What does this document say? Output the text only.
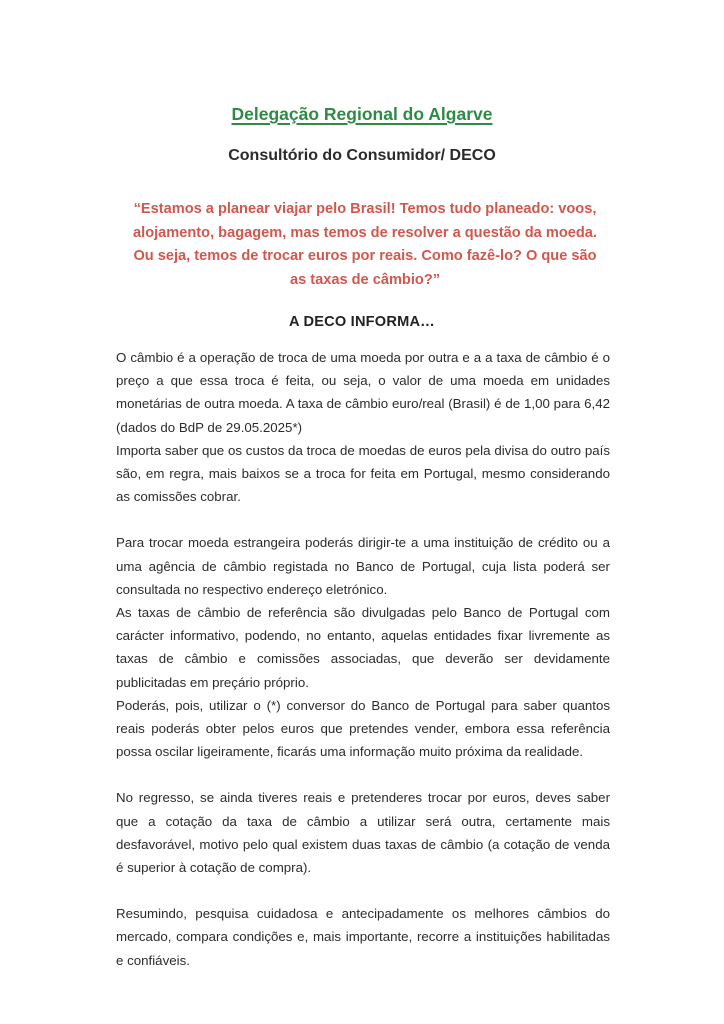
Delegação Regional do Algarve
Consultório do Consumidor/ DECO
“Estamos a planear viajar pelo Brasil! Temos tudo planeado: voos, alojamento, bagagem, mas temos de resolver a questão da moeda. Ou seja, temos de trocar euros por reais. Como fazê-lo? O que são as taxas de câmbio?”
A DECO INFORMA…

O câmbio é a operação de troca de uma moeda por outra e a a taxa de câmbio é o preço a que essa troca é feita, ou seja, o valor de uma moeda em unidades monetárias de outra moeda. A taxa de câmbio euro/real (Brasil) é de 1,00 para 6,42 (dados do BdP de 29.05.2025*)

Importa saber que os custos da troca de moedas de euros pela divisa do outro país são, em regra, mais baixos se a troca for feita em Portugal, mesmo considerando as comissões cobrar.

Para trocar moeda estrangeira poderás dirigir-te a uma instituição de crédito ou a uma agência de câmbio registada no Banco de Portugal, cuja lista poderá ser consultada no respectivo endereço eletrónico.

As taxas de câmbio de referência são divulgadas pelo Banco de Portugal com carácter informativo, podendo, no entanto, aquelas entidades fixar livremente as taxas de câmbio e comissões associadas, que deverão ser devidamente publicitadas em preçário próprio.

Poderás, pois, utilizar o (*) conversor do Banco de Portugal para saber quantos reais poderás obter pelos euros que pretendes vender, embora essa referência possa oscilar ligeiramente, ficarás uma informação muito próxima da realidade.

No regresso, se ainda tiveres reais e pretenderes trocar por euros, deves saber que a cotação da taxa de câmbio a utilizar será outra, certamente mais desfavorável, motivo pelo qual existem duas taxas de câmbio (a cotação de venda é superior à cotação de compra).

Resumindo, pesquisa cuidadosa e antecipadamente os melhores câmbios do mercado, compara condições e, mais importante, recorre a instituições habilitadas e confiáveis.
